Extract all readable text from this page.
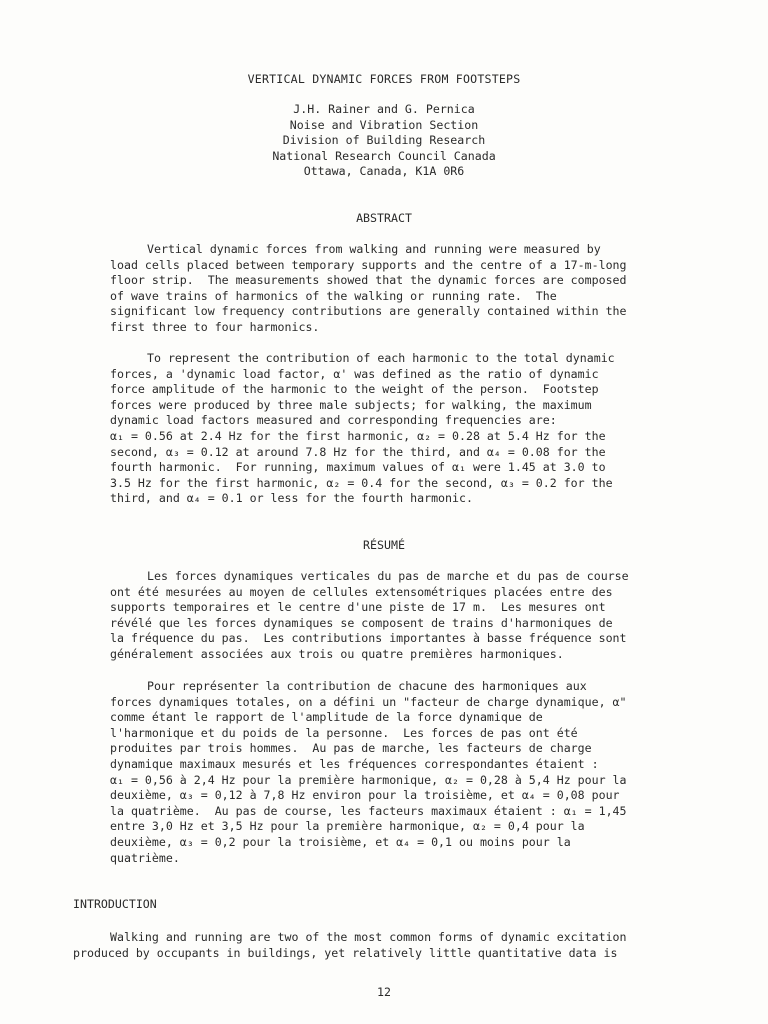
VERTICAL DYNAMIC FORCES FROM FOOTSTEPS
J.H. Rainer and G. Pernica
Noise and Vibration Section
Division of Building Research
National Research Council Canada
Ottawa, Canada, K1A 0R6
ABSTRACT
Vertical dynamic forces from walking and running were measured by
load cells placed between temporary supports and the centre of a 17-m-long
floor strip.  The measurements showed that the dynamic forces are composed
of wave trains of harmonics of the walking or running rate.  The
significant low frequency contributions are generally contained within the
first three to four harmonics.
To represent the contribution of each harmonic to the total dynamic
forces, a 'dynamic load factor, α' was defined as the ratio of dynamic
force amplitude of the harmonic to the weight of the person.  Footstep
forces were produced by three male subjects; for walking, the maximum
dynamic load factors measured and corresponding frequencies are:
α₁ = 0.56 at 2.4 Hz for the first harmonic, α₂ = 0.28 at 5.4 Hz for the
second, α₃ = 0.12 at around 7.8 Hz for the third, and α₄ = 0.08 for the
fourth harmonic.  For running, maximum values of α₁ were 1.45 at 3.0 to
3.5 Hz for the first harmonic, α₂ = 0.4 for the second, α₃ = 0.2 for the
third, and α₄ = 0.1 or less for the fourth harmonic.
RÉSUMÉ
Les forces dynamiques verticales du pas de marche et du pas de course
ont été mesurées au moyen de cellules extensométriques placées entre des
supports temporaires et le centre d'une piste de 17 m.  Les mesures ont
révélé que les forces dynamiques se composent de trains d'harmoniques de
la fréquence du pas.  Les contributions importantes à basse fréquence sont
généralement associées aux trois ou quatre premières harmoniques.
Pour représenter la contribution de chacune des harmoniques aux
forces dynamiques totales, on a défini un "facteur de charge dynamique, α"
comme étant le rapport de l'amplitude de la force dynamique de
l'harmonique et du poids de la personne.  Les forces de pas ont été
produites par trois hommes.  Au pas de marche, les facteurs de charge
dynamique maximaux mesurés et les fréquences correspondantes étaient :
α₁ = 0,56 à 2,4 Hz pour la première harmonique, α₂ = 0,28 à 5,4 Hz pour la
deuxième, α₃ = 0,12 à 7,8 Hz environ pour la troisième, et α₄ = 0,08 pour
la quatrième.  Au pas de course, les facteurs maximaux étaient : α₁ = 1,45
entre 3,0 Hz et 3,5 Hz pour la première harmonique, α₂ = 0,4 pour la
deuxième, α₃ = 0,2 pour la troisième, et α₄ = 0,1 ou moins pour la
quatrième.
INTRODUCTION
Walking and running are two of the most common forms of dynamic excitation
produced by occupants in buildings, yet relatively little quantitative data is
12
